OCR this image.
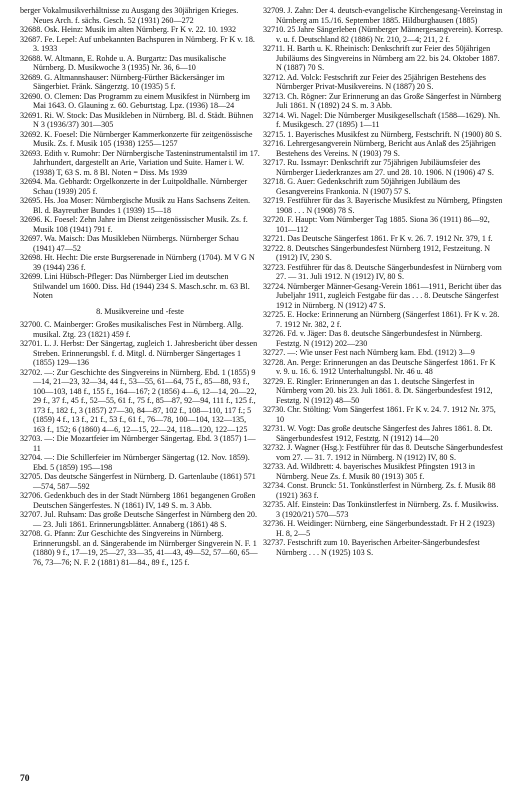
berger Vokalmusikverhältnisse zu Ausgang des 30jährigen Krieges. Neues Arch. f. sächs. Gesch. 52 (1931) 260—272

32688. Osk. Heinz: Musik im alten Nürnberg. Fr K v. 22. 10. 1932

32687. Fe. Lepel: Auf unbekannten Bachspuren in Nürnberg. Fr K v. 18. 3. 1933

32688. W. Altmann, E. Rohde u. A. Burgartz: Das musikalische Nürnberg. D. Musikwoche 3 (1935) Nr. 36, 6—10

32689. G. Altmannshauser: Nürnberg-Fürther Bäckersänger im Sängerbiet. Fränk. Sängerztg. 10 (1935) 5 f.

32690. O. Clemen: Das Programm zu einem Musikfest in Nürnberg im Mai 1643. O. Glauning z. 60. Geburtstag. Lpz. (1936) 18—24

32691. Ri. W. Stock: Das Musikleben in Nürnberg. Bl. d. Städt. Bühnen N 3 (1936/37) 301—305

32692. K. Foesel: Die Nürnberger Kammerkonzerte für zeitgenössische Musik. Zs. f. Musik 105 (1938) 1255—1257

32693. Edith v. Rumohr: Der Nürnbergische Tasteninstrumentalstil im 17. Jahrhundert, dargestellt an Arie, Variation und Suite. Hamer i. W. (1938) T, 63 S. m. 8 Bl. Noten = Diss. Ms 1939

32694. Ma. Gebhardt: Orgelkonzerte in der Luitpoldhalle. Nürnberger Schau (1939) 205 f.

32695. Hs. Joa Moser: Nürnbergische Musik zu Hans Sachsens Zeiten. Bl. d. Bayreuther Bundes 1 (1939) 15—18

32696. K. Foesel: Zehn Jahre im Dienst zeitgenössischer Musik. Zs. f. Musik 108 (1941) 791 f.

32697. Wa. Maisch: Das Musikleben Nürnbergs. Nürnberger Schau (1941) 47—52

32698. Ht. Hecht: Die erste Burgserenade in Nürnberg (1704). M V G N 39 (1944) 236 f.

32699. Lini Hübsch-Pfleger: Das Nürnberger Lied im deutschen Stilwandel um 1600. Diss. Hd (1944) 234 S. Masch.schr. m. 63 Bl. Noten

8. Musikvereine und -feste

32700. C. Mainberger: Großes musikalisches Fest in Nürnberg. Allg. musikal. Ztg. 23 (1821) 459 f.

32701. L. J. Herbst: Der Sängertag, zugleich 1. Jahresbericht über dessen Streben. Erinnerungsbl. f. d. Mitgl. d. Nürnberger Sängertages 1 (1855) 129—136

32702. —: Zur Geschichte des Singvereins in Nürnberg. Ebd. 1 (1855) 9—14, 21—23, 32—34, 44 f., 53—55, 61—64, 75 f., 85—88, 93 f., 100—103, 148 f., 155 f., 164—167; 2 (1856) 4—6, 12—14, 20—22, 29 f., 37 f., 45 f., 52—55, 61 f., 75 f., 85—87, 92—94, 111 f., 125 f., 173 f., 182 f., 3 (1857) 27—30, 84—87, 102 f., 108—110, 117 f.; 5 (1859) 4 f., 13 f., 21 f., 53 f., 61 f., 76—78, 100—104, 132—135, 163 f., 152; 6 (1860) 4—6, 12—15, 22—24, 118—120, 122—125

32703. —: Die Mozartfeier im Nürnberger Sängertag. Ebd. 3 (1857) 1—11

32704. —: Die Schillerfeier im Nürnberger Sängertag (12. Nov. 1859). Ebd. 5 (1859) 195—198

32705. Das deutsche Sängerfest in Nürnberg. D. Gartenlaube (1861) 571—574, 587—592

32706. Gedenkbuch des in der Stadt Nürnberg 1861 begangenen Großen Deutschen Sängerfestes. N (1861) IV, 149 S. m. 3 Abb.

32707. Jul. Ruhsam: Das große Deutsche Sängerfest in Nürnberg den 20. — 23. Juli 1861. Erinnerungsblätter. Annaberg (1861) 48 S.

32708. G. Pfann: Zur Geschichte des Singvereins in Nürnberg. Erinnerungsbl. an d. Sängerabende im Nürnberger Singverein N. F. 1 (1880) 9 f., 17—19, 25—27, 33—35, 41—43, 49—52, 57—60, 65—76, 73—76; N. F. 2 (1881) 81—84., 89 f., 125 f.

32709. J. Zahn: Der 4. deutsch-evangelische Kirchengesang-Vereinstag in Nürnberg am 15./16. September 1885. Hildburghausen (1885)

32710. 25 Jahre Sängerleben (Nürnberger Männergesangverein). Korresp. v. u. f. Deutschland 82 (1886) Nr. 210, 2—4; 211, 2 f.

32711. H. Barth u. K. Rheinisch: Denkschrift zur Feier des 50jährigen Jubiläums des Singvereins in Nürnberg am 22. bis 24. Oktober 1887. N (1887) 70 S.

32712. Ad. Volck: Festschrift zur Feier des 25jährigen Bestehens des Nürnberger Privat-Musikvereins. N (1887) 20 S.

32713. Ch. Rögner: Zur Erinnerung an das Große Sängerfest in Nürnberg Juli 1861. N (1892) 24 S. m. 3 Abb.

32714. Wi. Nagel: Die Nürnberger Musikgesellschaft (1588—1629). Nh. f. Musikgesch. 27 (1895) 1—11

32715. 1. Bayerisches Musikfest zu Nürnberg, Festschrift. N (1900) 80 S.

32716. Lehrergesangverein Nürnberg, Bericht aus Anlaß des 25jährigen Bestehens des Vereins. N (1903) 79 S.

32717. Ru. Issmayr: Denkschrift zur 75jährigen Jubiläumsfeier des Nürnberger Liederkranzes am 27. und 28. 10. 1906. N (1906) 47 S.

32718. G. Auer: Gedenkschrift zum 50jährigen Jubiläum des Gesangvereins Frankonia. N (1907) 57 S.

32719. Festführer für das 3. Bayerische Musikfest zu Nürnberg, Pfingsten 1908 . . . N (1908) 78 S.

32720. F. Haupt: Vom Nürnberger Tag 1885. Sionа 36 (1911) 86—92, 101—112

32721. Das Deutsche Sängerfest 1861. Fr K v. 26. 7. 1912 Nr. 379, 1 f.

32722. 8. Deutsches Sängerbundesfest Nürnberg 1912, Festzeitung. N (1912) IV, 230 S.

32723. Festführer für das 8. Deutsche Sängerbundesfest in Nürnberg vom 27. — 31. Juli 1912. N (1912) IV, 80 S.

32724. Nürnberger Männer-Gesang-Verein 1861—1911, Bericht über das Jubeljahr 1911, zugleich Festgabe für das . . . 8. Deutsche Sängerfest 1912 in Nürnberg. N (1912) 47 S.

32725. E. Hocke: Erinnerung an Nürnberg (Sängerfest 1861). Fr K v. 28. 7. 1912 Nr. 382, 2 f.

32726. Fd. v. Jäger: Das 8. deutsche Sängerbundesfest in Nürnberg. Festztg. N (1912) 202—230

32727. —: Wie unser Fest nach Nürnberg kam. Ebd. (1912) 3—9

32728. An. Perge: Erinnerungen an das Deutsche Sängerfest 1861. Fr K v. 9. u. 16. 6. 1912 Unterhaltungsbl. Nr. 46 u. 48

32729. E. Ringler: Erinnerungen an das 1. deutsche Sängerfest in Nürnberg vom 20. bis 23. Juli 1861. 8. Dt. Sängerbundesfest 1912, Festztg. N (1912) 48—50

32730. Chr. Stölting: Vom Sängerfest 1861. Fr K v. 24. 7. 1912 Nr. 375, 10

32731. W. Vogt: Das große deutsche Sängerfest des Jahres 1861. 8. Dt. Sängerbundesfest 1912, Festztg. N (1912) 14—20

32732. J. Wagner (Hsg.): Festführer für das 8. Deutsche Sängerbundesfest vom 27. — 31. 7. 1912 in Nürnberg. N (1912) IV, 80 S.

32733. Ad. Wildbrett: 4. bayerisches Musikfest Pfingsten 1913 in Nürnberg. Neue Zs. f. Musik 80 (1913) 305 f.

32734. Const. Brunck: 51. Tonkünstlerfest in Nürnberg. Zs. f. Musik 88 (1921) 363 f.

32735. Alf. Einstein: Das Tonkünstlerfest in Nürnberg. Zs. f. Musikwiss. 3 (1920/21) 570—573

32736. H. Weidinger: Nürnberg, eine Sängerbundesstadt. Fr H 2 (1923) H. 8, 2—5

32737. Festschrift zum 10. Bayerischen Arbeiter-Sängerbundesfest Nürnberg . . . N (1925) 103 S.

70
